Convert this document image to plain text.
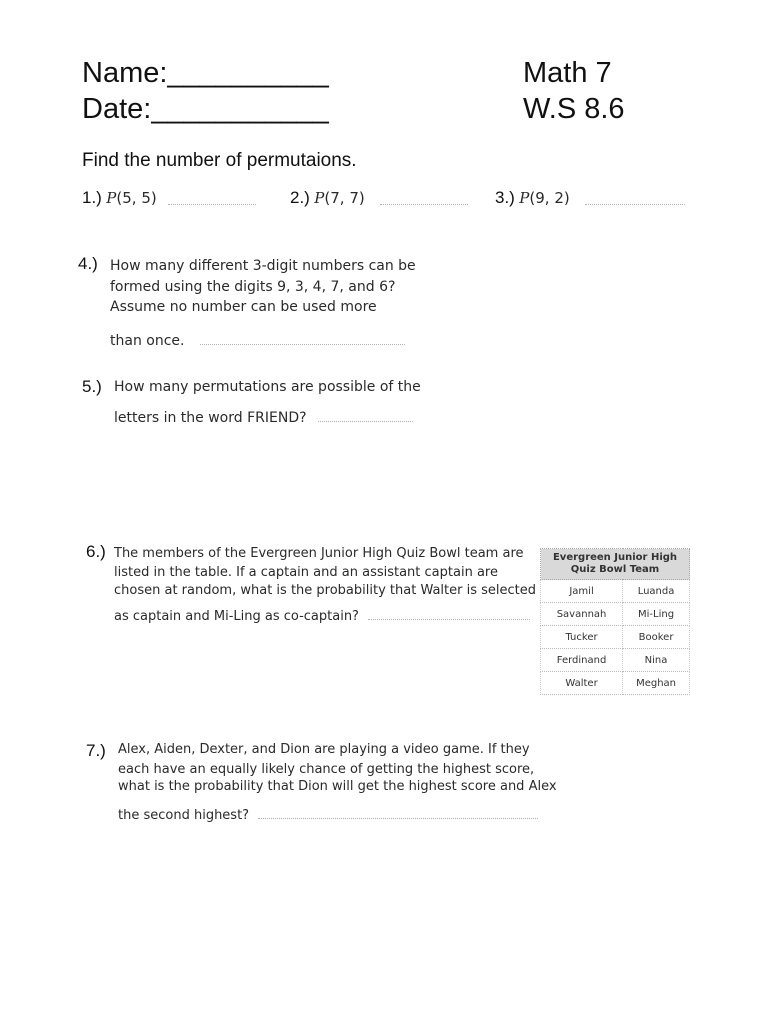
Name:__________
Date:___________
Math 7
W.S 8.6
Find the number of permutaions.
1.) P(5, 5)	2.) P(7, 7)	3.) P(9, 2)
4.) How many different 3-digit numbers can be
formed using the digits 9, 3, 4, 7, and 6?
Assume no number can be used more
than once.
5.) How many permutations are possible of the
letters in the word FRIEND?
6.) The members of the Evergreen Junior High Quiz Bowl team are
listed in the table. If a captain and an assistant captain are
chosen at random, what is the probability that Walter is selected
as captain and Mi-Ling as co-captain?
Evergreen Junior High Quiz Bowl Team	
Jamil	Luanda
Savannah	Mi-Ling
Tucker	Booker
Ferdinand	Nina
Walter	Meghan
7.) Alex, Aiden, Dexter, and Dion are playing a video game. If they
each have an equally likely chance of getting the highest score,
what is the probability that Dion will get the highest score and Alex
the second highest?
